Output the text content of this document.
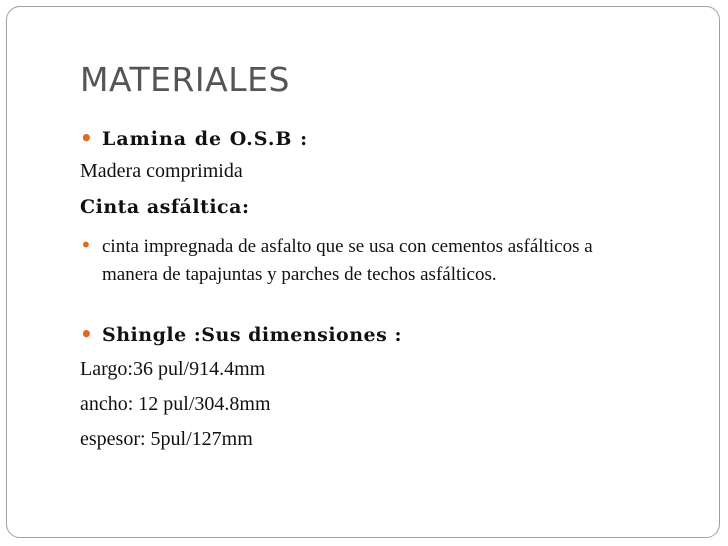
MATERIALES

• Lamina de O.S.B :

Madera comprimida

Cinta asfáltica:

• cinta impregnada de asfalto que se usa con cementos asfálticos a manera de tapajuntas y parches de techos asfálticos.

• Shingle :Sus dimensiones :

Largo:36 pul/914.4mm

ancho: 12 pul/304.8mm

espesor: 5pul/127mm
